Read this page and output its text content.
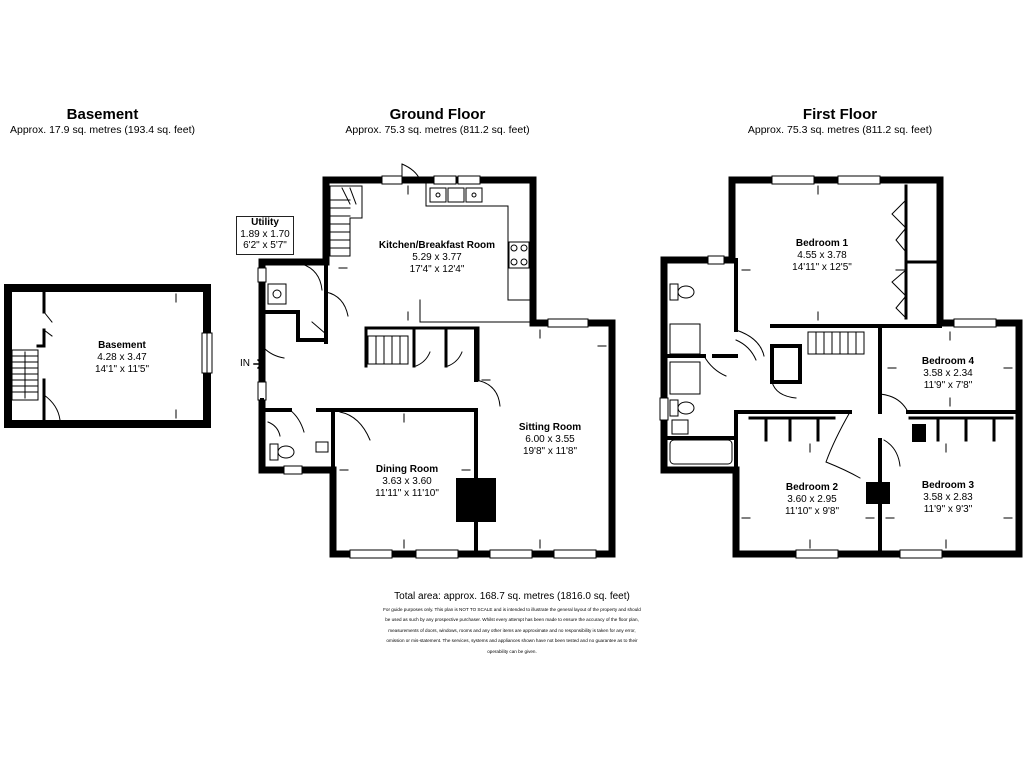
Basement
Approx. 17.9 sq. metres (193.4 sq. feet)
Ground Floor
Approx. 75.3 sq. metres (811.2 sq. feet)
First Floor
Approx. 75.3 sq. metres (811.2 sq. feet)
Basement
4.28 x 3.47
14'1" x 11'5"
Utility
1.89 x 1.70
6'2" x 5'7"	Kitchen/Breakfast Room
5.29 x 3.77
17'4" x 12'4"
Sitting Room
6.00 x 3.55
19'8" x 11'8"
Dining Room
3.63 x 3.60
11'11" x 11'10"
IN
Bedroom 1
4.55 x 3.78
14'11" x 12'5"
Bedroom 4
3.58 x 2.34
11'9" x 7'8"
Bedroom 2
3.60 x 2.95
11'10" x 9'8"
Bedroom 3
3.58 x 2.83
11'9" x 9'3"
Total area: approx. 168.7 sq. metres (1816.0 sq. feet)
For guide purposes only. This plan is NOT TO SCALE and is intended to illustrate the general layout of the property and should be used as such by any prospective purchaser. Whilst every attempt has been made to ensure the accuracy of the floor plan, measurements of doors, windows, rooms and any other items are approximate and no responsibility is taken for any error, omission or mis-statement. The services, systems and appliances shown have not been tested and no guarantee as to their operability can be given.
